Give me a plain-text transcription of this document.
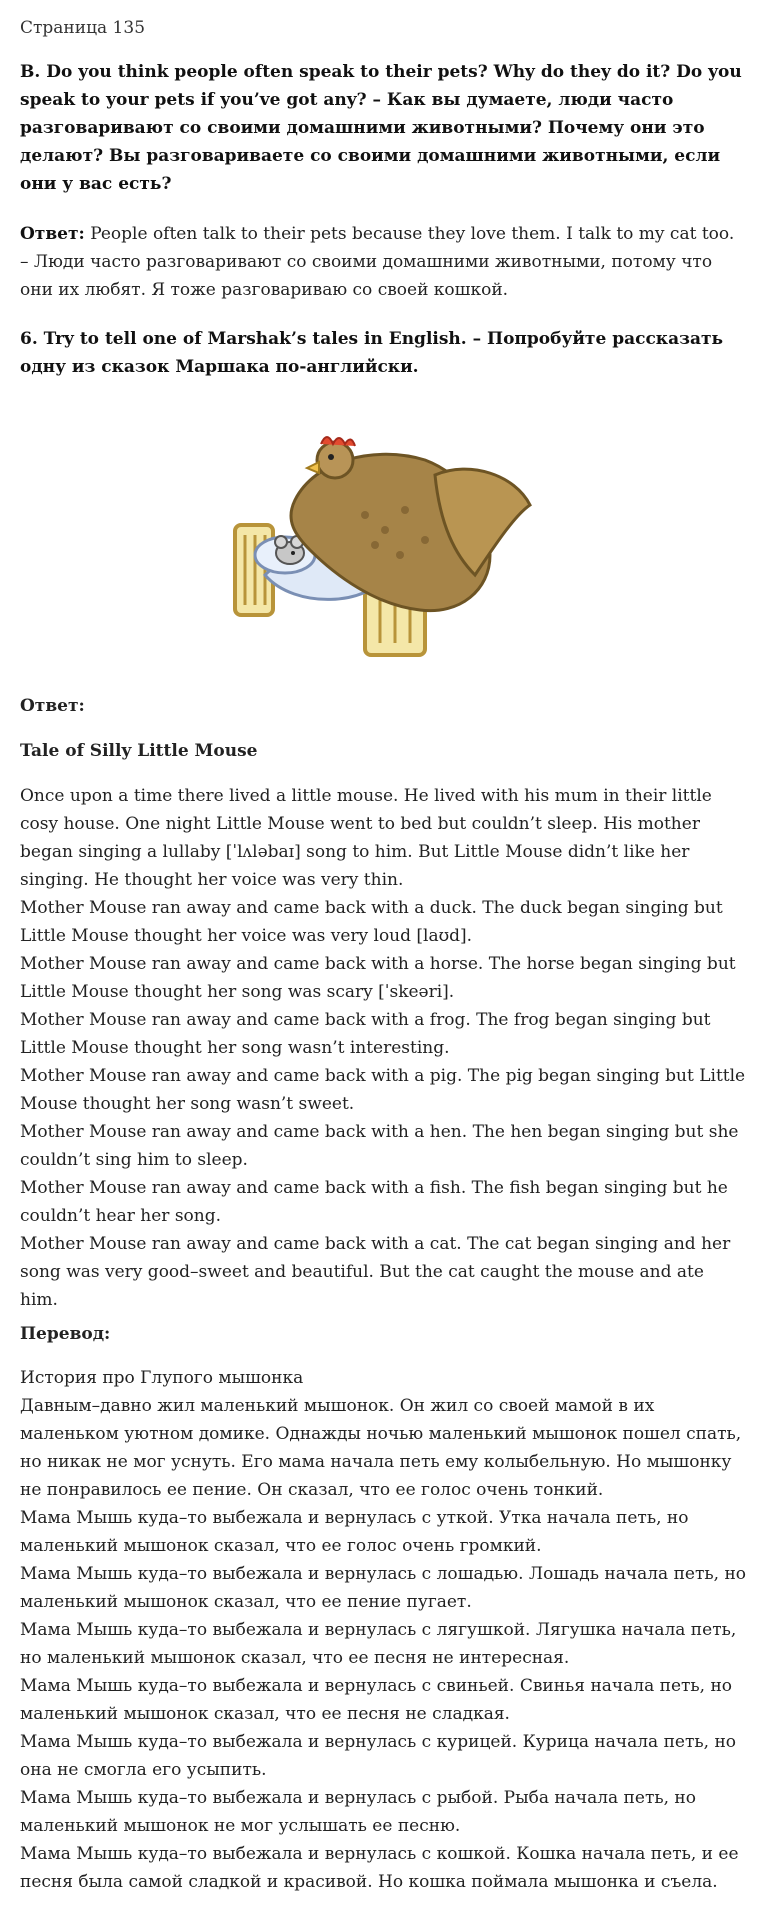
Страница 135
B. Do you think people often speak to their pets? Why do they do it? Do you speak to your pets if you’ve got any? – Как вы думаете, люди часто разговаривают со своими домашними животными? Почему они это делают? Вы разговариваете со своими домашними животными, если они у вас есть?
Ответ: People often talk to their pets because they love them. I talk to my cat too. – Люди часто разговаривают со своими домашними животными, потому что они их любят. Я тоже разговариваю со своей кошкой.
6. Try to tell one of Marshak’s tales in English. – Попробуйте рассказать одну из сказок Маршака по-английски.
Ответ:
Tale of Silly Little Mouse
Once upon a time there lived a little mouse. He lived with his mum in their little cosy house. One night Little Mouse went to bed but couldn’t sleep. His mother began singing a lullaby [ˈlʌləbaɪ] song to him. But Little Mouse didn’t like her singing. He thought her voice was very thin.
Mother Mouse ran away and came back with a duck. The duck began singing but Little Mouse thought her voice was very loud [laʊd].
Mother Mouse ran away and came back with a horse. The horse began singing but Little Mouse thought her song was scary [ˈskeəri].
Mother Mouse ran away and came back with a frog. The frog began singing but Little Mouse thought her song wasn’t interesting.
Mother Mouse ran away and came back with a pig. The pig began singing but Little Mouse thought her song wasn’t sweet.
Mother Mouse ran away and came back with a hen. The hen began singing but she couldn’t sing him to sleep.
Mother Mouse ran away and came back with a fish. The fish began singing but he couldn’t hear her song.
Mother Mouse ran away and came back with a cat. The cat began singing and her song was very good–sweet and beautiful. But the cat caught the mouse and ate him.
Перевод:
История про Глупого мышонка
Давным–давно жил маленький мышонок. Он жил со своей мамой в их маленьком уютном домике. Однажды ночью маленький мышонок пошел спать, но никак не мог уснуть. Его мама начала петь ему колыбельную. Но мышонку не понравилось ее пение. Он сказал, что ее голос очень тонкий.
Мама Мышь куда–то выбежала и вернулась с уткой. Утка начала петь, но маленький мышонок сказал, что ее голос очень громкий.
Мама Мышь куда–то выбежала и вернулась с лошадью. Лошадь начала петь, но маленький мышонок сказал, что ее пение пугает.
Мама Мышь куда–то выбежала и вернулась с лягушкой. Лягушка начала петь, но маленький мышонок сказал, что ее песня не интересная.
Мама Мышь куда–то выбежала и вернулась с свиньей. Свинья начала петь, но маленький мышонок сказал, что ее песня не сладкая.
Мама Мышь куда–то выбежала и вернулась с курицей. Курица начала петь, но она не смогла его усыпить.
Мама Мышь куда–то выбежала и вернулась с рыбой. Рыба начала петь, но маленький мышонок не мог услышать ее песню.
Мама Мышь куда–то выбежала и вернулась с кошкой. Кошка начала петь, и ее песня была самой сладкой и красивой. Но кошка поймала мышонка и съела.
